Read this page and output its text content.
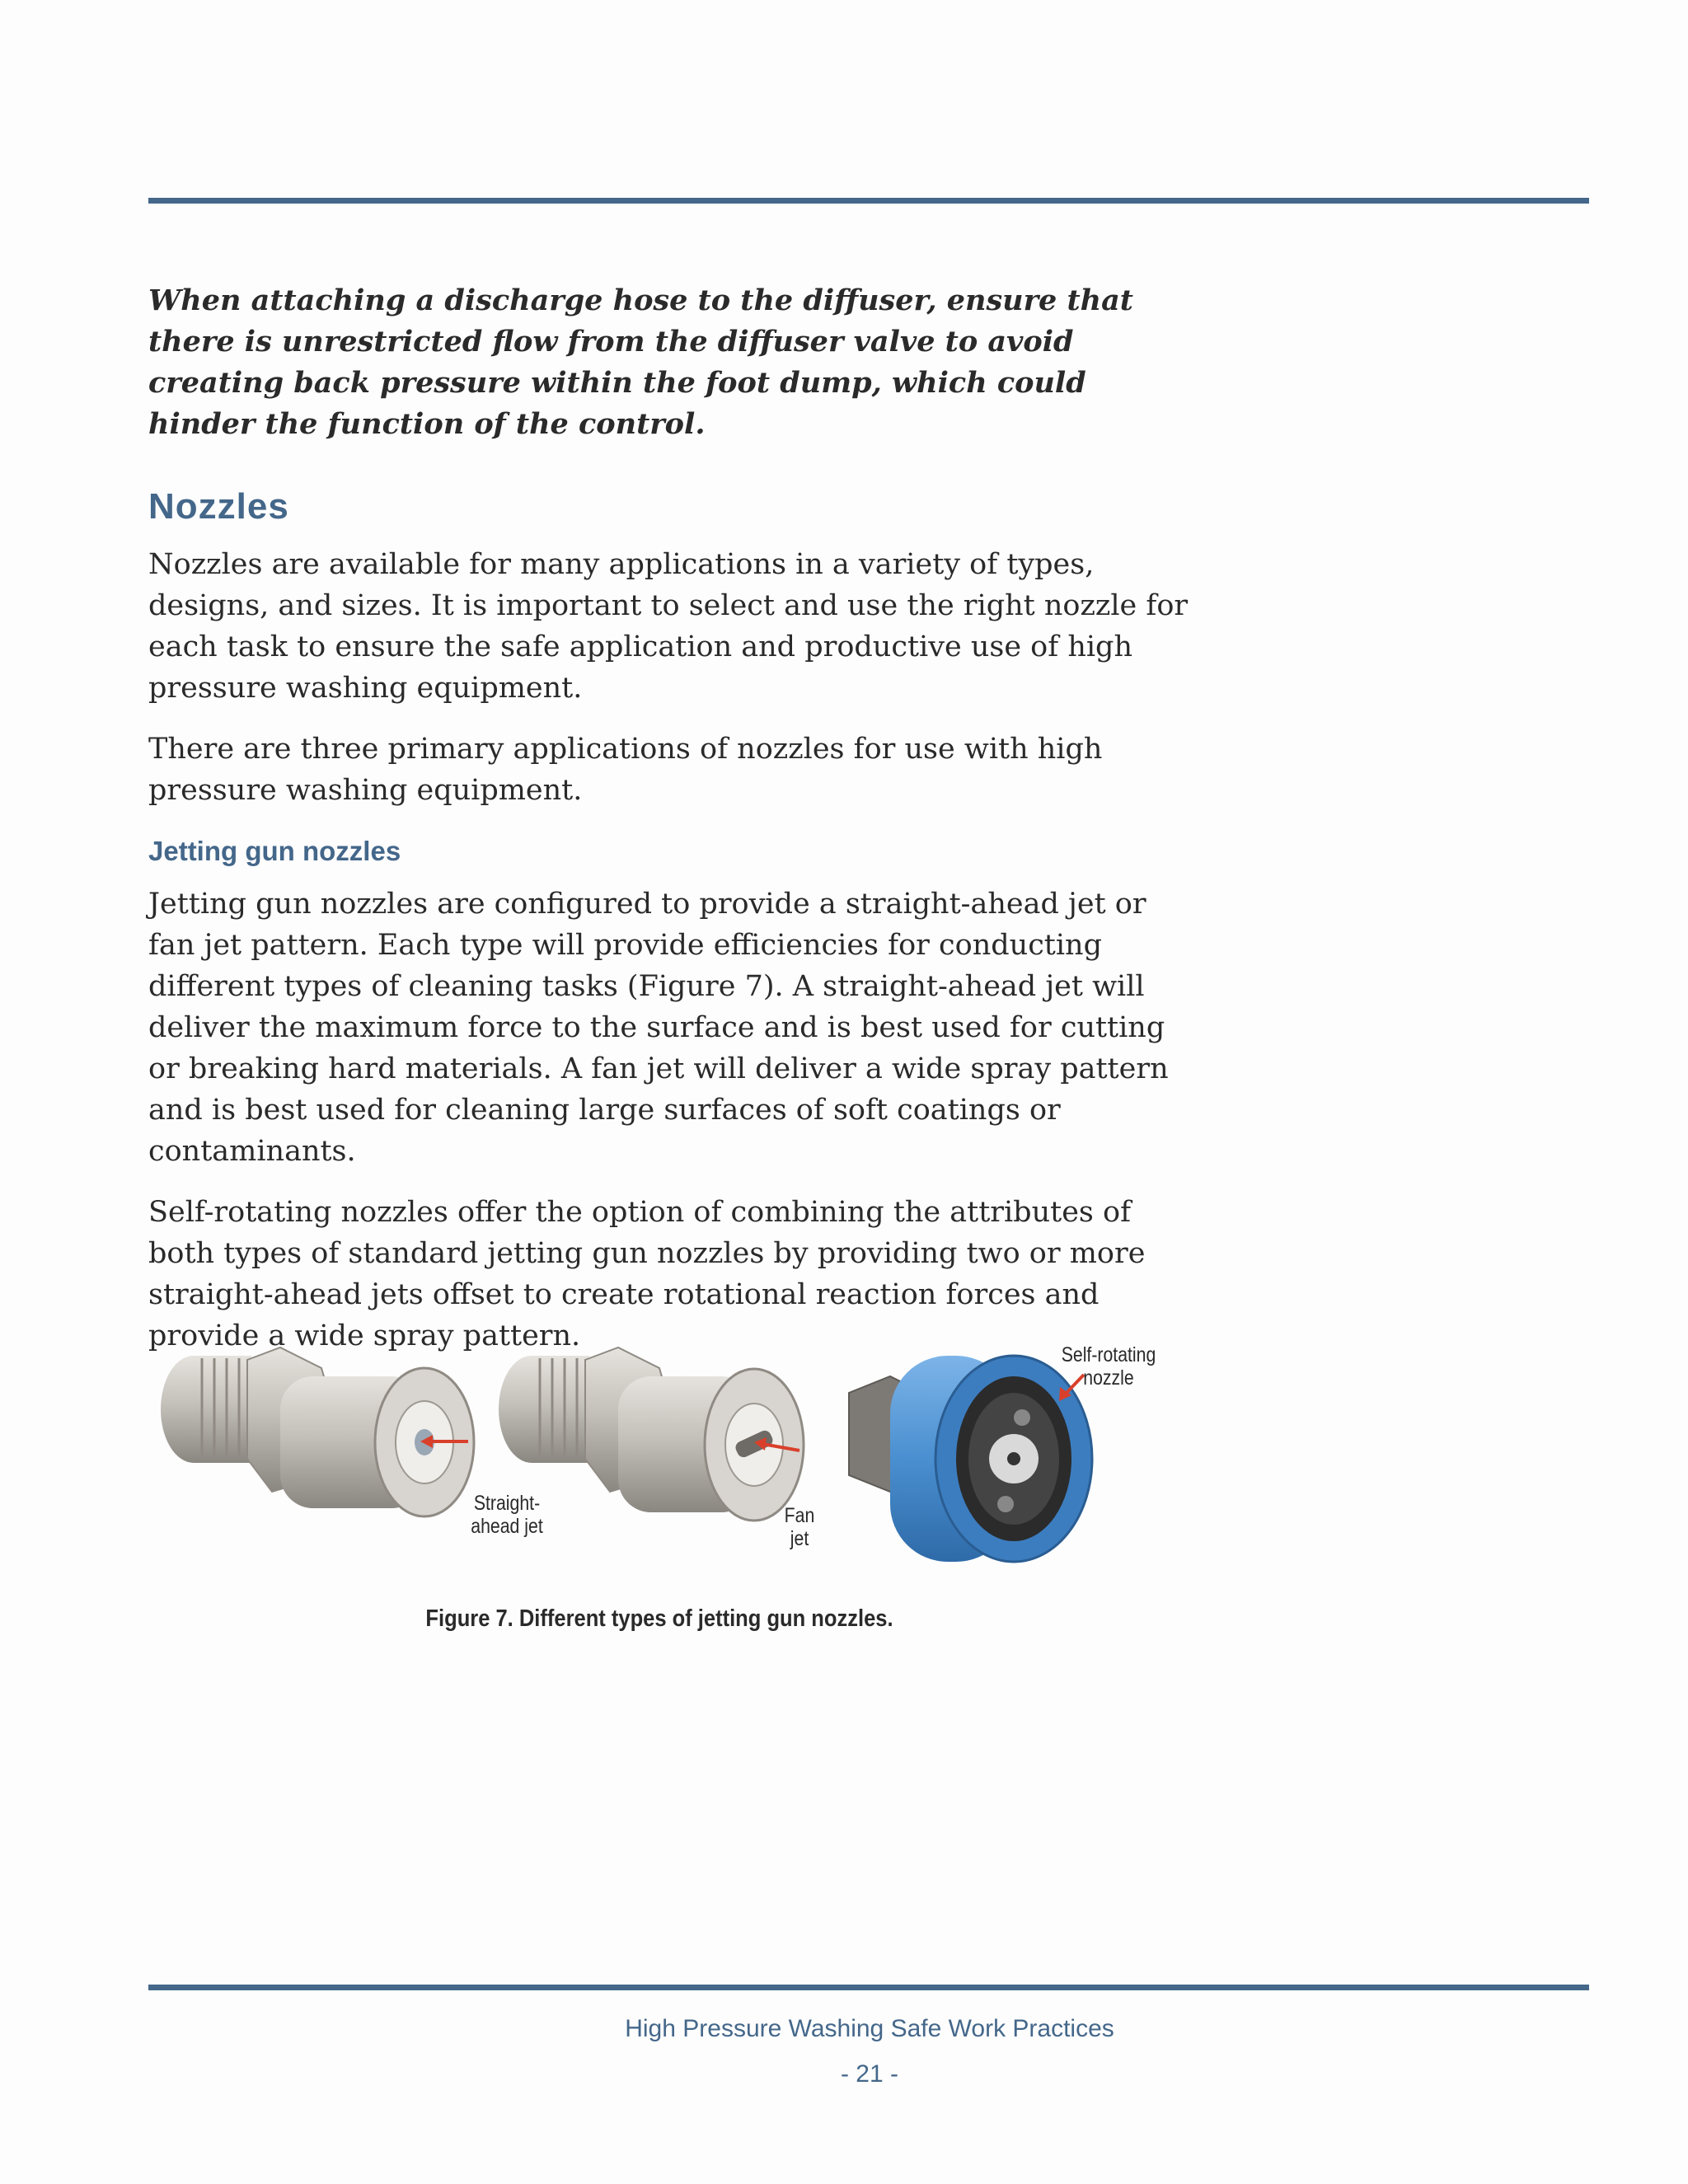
When attaching a discharge hose to the diffuser, ensure that there is unrestricted flow from the diffuser valve to avoid creating back pressure within the foot dump, which could hinder the function of the control.

Nozzles

Nozzles are available for many applications in a variety of types, designs, and sizes. It is important to select and use the right nozzle for each task to ensure the safe application and productive use of high pressure washing equipment.

There are three primary applications of nozzles for use with high pressure washing equipment.

Jetting gun nozzles

Jetting gun nozzles are configured to provide a straight-ahead jet or fan jet pattern. Each type will provide efficiencies for conducting different types of cleaning tasks (Figure 7). A straight-ahead jet will deliver the maximum force to the surface and is best used for cutting or breaking hard materials. A fan jet will deliver a wide spray pattern and is best used for cleaning large surfaces of soft coatings or contaminants.

Self-rotating nozzles offer the option of combining the attributes of both types of standard jetting gun nozzles by providing two or more straight-ahead jets offset to create rotational reaction forces and provide a wide spray pattern.

Straight-
ahead jet	Fan
jet
Self-rotating
nozzle
Figure 7. Different types of jetting gun nozzles.
High Pressure Washing Safe Work Practices
- 21 -
